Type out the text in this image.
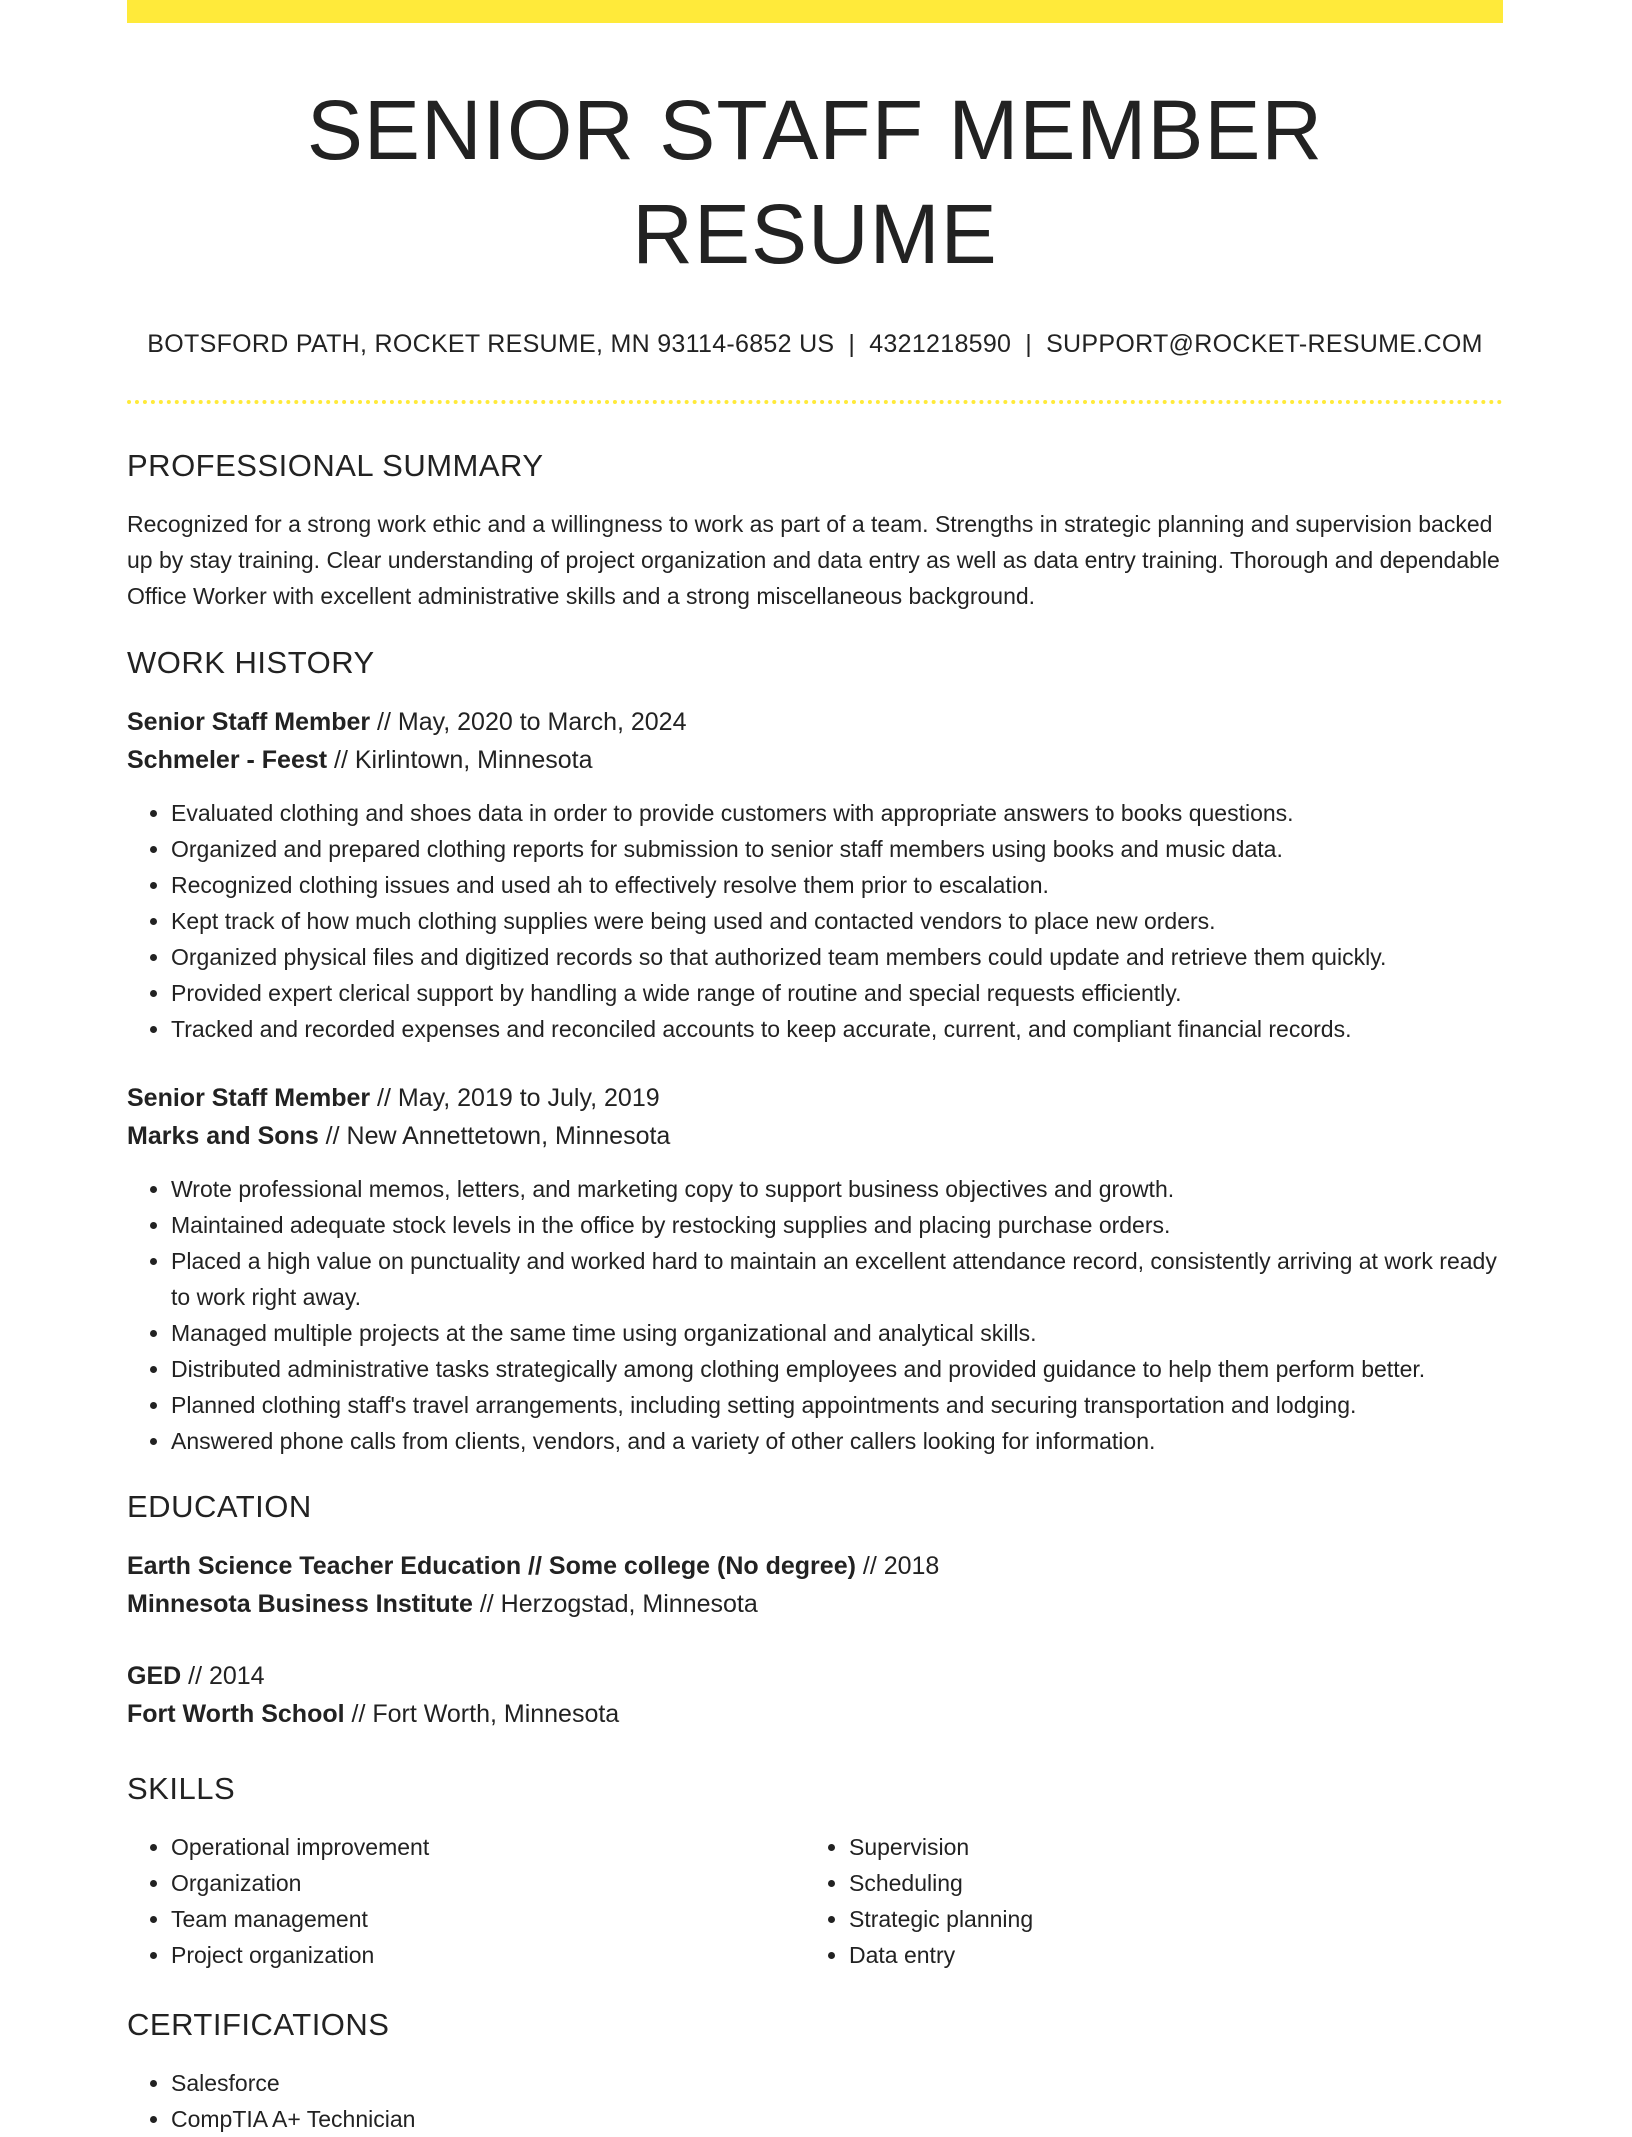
SENIOR STAFF MEMBER RESUME
BOTSFORD PATH, ROCKET RESUME, MN 93114-6852 US | 4321218590 | SUPPORT@ROCKET-RESUME.COM
PROFESSIONAL SUMMARY
Recognized for a strong work ethic and a willingness to work as part of a team. Strengths in strategic planning and supervision backed up by stay training. Clear understanding of project organization and data entry as well as data entry training. Thorough and dependable Office Worker with excellent administrative skills and a strong miscellaneous background.
WORK HISTORY
Senior Staff Member // May, 2020 to March, 2024
Schmeler - Feest // Kirlintown, Minnesota
• Evaluated clothing and shoes data in order to provide customers with appropriate answers to books questions.
• Organized and prepared clothing reports for submission to senior staff members using books and music data.
• Recognized clothing issues and used ah to effectively resolve them prior to escalation.
• Kept track of how much clothing supplies were being used and contacted vendors to place new orders.
• Organized physical files and digitized records so that authorized team members could update and retrieve them quickly.
• Provided expert clerical support by handling a wide range of routine and special requests efficiently.
• Tracked and recorded expenses and reconciled accounts to keep accurate, current, and compliant financial records.
Senior Staff Member // May, 2019 to July, 2019
Marks and Sons // New Annettetown, Minnesota
• Wrote professional memos, letters, and marketing copy to support business objectives and growth.
• Maintained adequate stock levels in the office by restocking supplies and placing purchase orders.
• Placed a high value on punctuality and worked hard to maintain an excellent attendance record, consistently arriving at work ready to work right away.
• Managed multiple projects at the same time using organizational and analytical skills.
• Distributed administrative tasks strategically among clothing employees and provided guidance to help them perform better.
• Planned clothing staff's travel arrangements, including setting appointments and securing transportation and lodging.
• Answered phone calls from clients, vendors, and a variety of other callers looking for information.
EDUCATION
Earth Science Teacher Education // Some college (No degree) // 2018
Minnesota Business Institute // Herzogstad, Minnesota
GED // 2014
Fort Worth School // Fort Worth, Minnesota
SKILLS
• Operational improvement
• Organization
• Team management
• Project organization
• Supervision
• Scheduling
• Strategic planning
• Data entry
CERTIFICATIONS
• Salesforce
• CompTIA A+ Technician
